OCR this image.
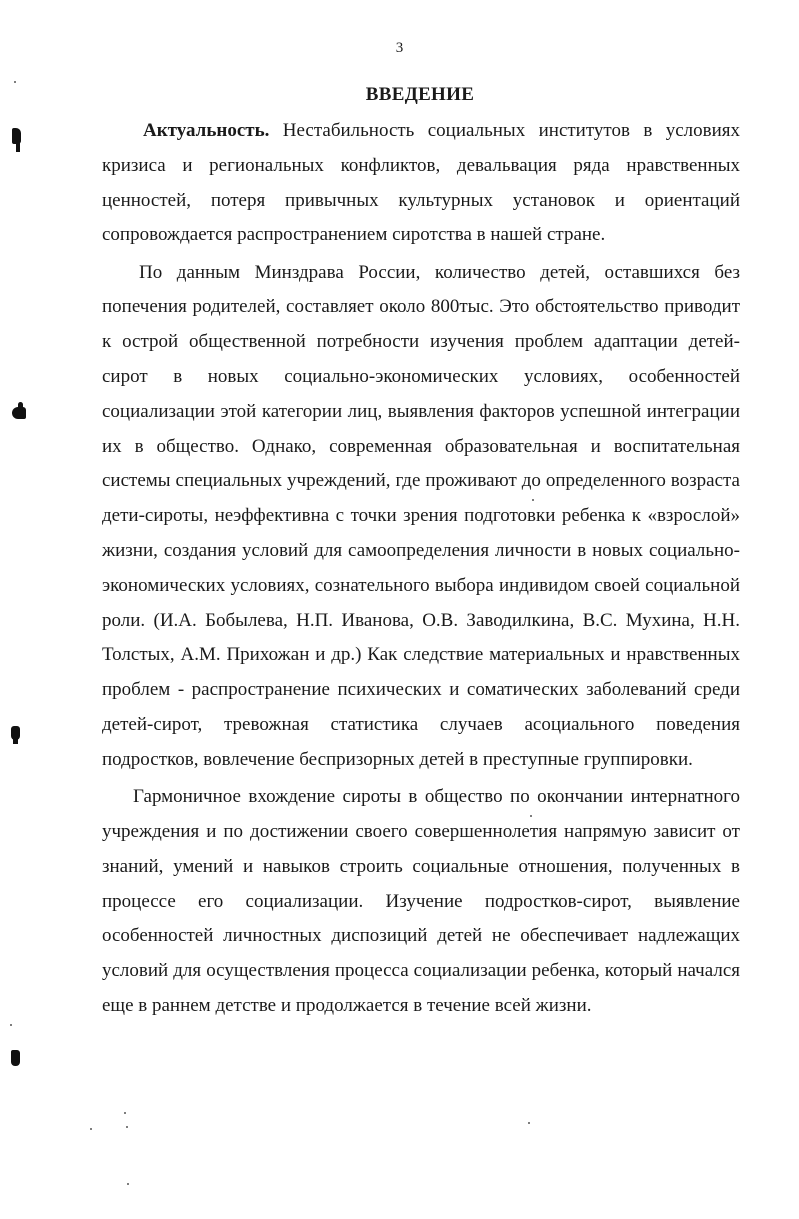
3
ВВЕДЕНИЕ

Актуальность. Нестабильность социальных институтов в условиях кризиса и региональных конфликтов, девальвация ряда нравственных ценностей, потеря привычных культурных установок и ориентаций сопровождается распространением сиротства в нашей стране.

По данным Минздрава России, количество детей, оставшихся без попечения родителей, составляет около 800тыс. Это обстоятельство приводит к острой общественной потребности изучения проблем адаптации детей-сирот в новых социально-экономических условиях, особенностей социализации этой категории лиц, выявления факторов успешной интеграции их в общество. Однако, современная образовательная и воспитательная системы специальных учреждений, где проживают до определенного возраста дети-сироты, неэффективна с точки зрения подготовки ребенка к «взрослой» жизни, создания условий для самоопределения личности в новых социально-экономических условиях, сознательного выбора индивидом своей социальной роли. (И.А. Бобылева, Н.П. Иванова, О.В. Заводилкина, В.С. Мухина, Н.Н. Толстых, А.М. Прихожан и др.) Как следствие материальных и нравственных проблем - распространение психических и соматических заболеваний среди детей-сирот, тревожная статистика случаев асоциального поведения подростков, вовлечение беспризорных детей в преступные группировки.

Гармоничное вхождение сироты в общество по окончании интернатного учреждения и по достижении своего совершеннолетия напрямую зависит от знаний, умений и навыков строить социальные отношения, полученных в процессе его социализации. Изучение подростков-сирот, выявление особенностей личностных диспозиций детей не обеспечивает надлежащих условий для осуществления процесса социализации ребенка, который начался еще в раннем детстве и продолжается в течение всей жизни.
